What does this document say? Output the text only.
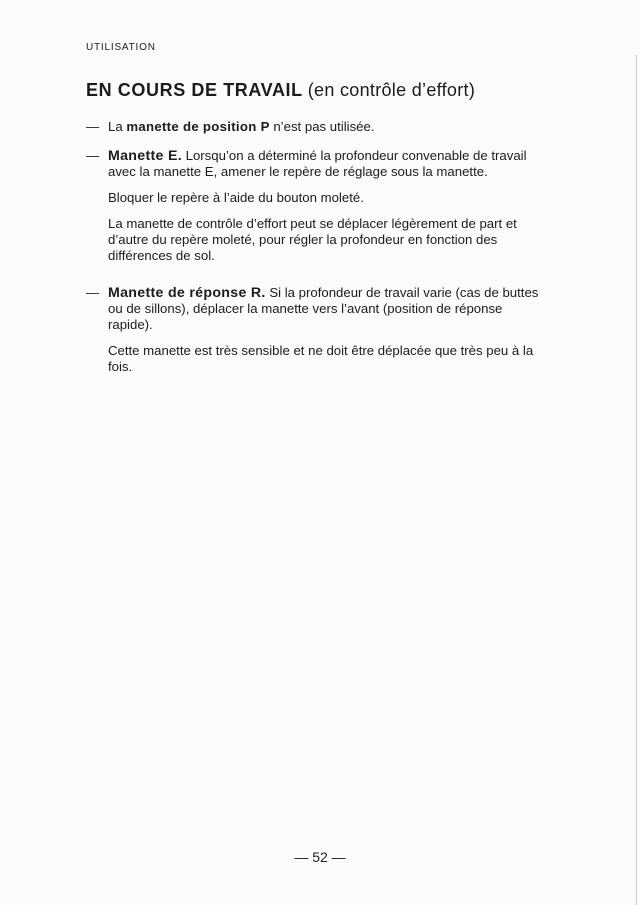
UTILISATION
EN COURS DE TRAVAIL (en contrôle d’effort)
— La manette de position P n’est pas utilisée.

— Manette E. Lorsqu’on a déterminé la profondeur convenable de travail avec la manette E, amener le repère de réglage sous la manette.

Bloquer le repère à l’aide du bouton moleté.

La manette de contrôle d’effort peut se déplacer légèrement de part et d’autre du repère moleté, pour régler la profondeur en fonction des différences de sol.

— Manette de réponse R. Si la profondeur de travail varie (cas de buttes ou de sillons), déplacer la manette vers l’avant (position de réponse rapide).

Cette manette est très sensible et ne doit être déplacée que très peu à la fois.

— 52 —
